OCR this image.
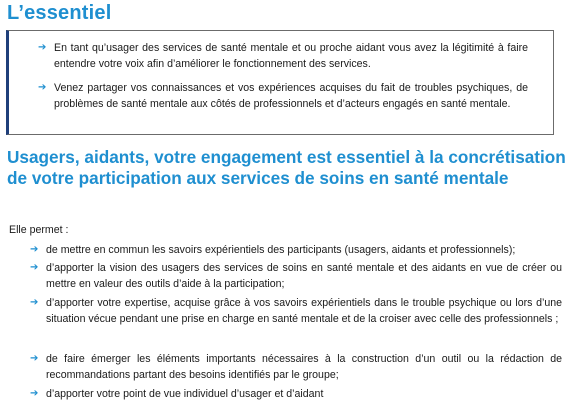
L’essentiel
➔ En tant qu’usager des services de santé mentale et ou proche aidant vous avez la légitimité à faire entendre votre voix afin d’améliorer le fonctionnement des services.
➔ Venez partager vos connaissances et vos expériences acquises du fait de troubles psychiques, de problèmes de santé mentale aux côtés de professionnels et d’acteurs engagés en santé mentale.
Usagers, aidants, votre engagement est essentiel à la concrétisation de votre participation aux services de soins en santé mentale
Elle permet :
➔ de mettre en commun les savoirs expérientiels des participants (usagers, aidants et professionnels);
➔ d’apporter la vision des usagers des services de soins en santé mentale et des aidants en vue de créer ou mettre en valeur des outils d’aide à la participation;
➔ d’apporter votre expertise, acquise grâce à vos savoirs expérientiels dans le trouble psychique ou lors d’une situation vécue pendant une prise en charge en santé mentale et de la croiser avec celle des professionnels ;
➔ de faire émerger les éléments importants nécessaires à la construction d’un outil ou la rédaction de recommandations partant des besoins identifiés par le groupe;
➔ d’apporter votre point de vue individuel d’usager et d’aidant
